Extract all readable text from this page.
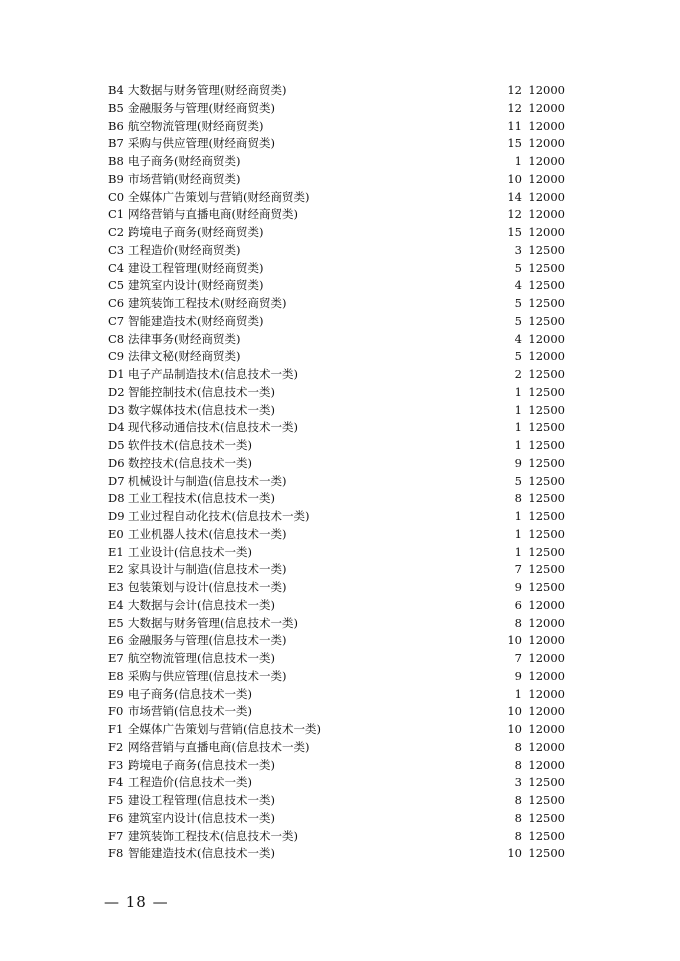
B4 大数据与财务管理(财经商贸类)	12 12000
B5 金融服务与管理(财经商贸类)	12 12000
B6 航空物流管理(财经商贸类)	11 12000
B7 采购与供应管理(财经商贸类)	15 12000
B8 电子商务(财经商贸类)	1 12000
B9 市场营销(财经商贸类)	10 12000
C0 全媒体广告策划与营销(财经商贸类)	14 12000
C1 网络营销与直播电商(财经商贸类)	12 12000
C2 跨境电子商务(财经商贸类)	15 12000
C3 工程造价(财经商贸类)	3 12500
C4 建设工程管理(财经商贸类)	5 12500
C5 建筑室内设计(财经商贸类)	4 12500
C6 建筑装饰工程技术(财经商贸类)	5 12500
C7 智能建造技术(财经商贸类)	5 12500
C8 法律事务(财经商贸类)	4 12000
C9 法律文秘(财经商贸类)	5 12000
D1 电子产品制造技术(信息技术一类)	2 12500
D2 智能控制技术(信息技术一类)	1 12500
D3 数字媒体技术(信息技术一类)	1 12500
D4 现代移动通信技术(信息技术一类)	1 12500
D5 软件技术(信息技术一类)	1 12500
D6 数控技术(信息技术一类)	9 12500
D7 机械设计与制造(信息技术一类)	5 12500
D8 工业工程技术(信息技术一类)	8 12500
D9 工业过程自动化技术(信息技术一类)	1 12500
E0 工业机器人技术(信息技术一类)	1 12500
E1 工业设计(信息技术一类)	1 12500
E2 家具设计与制造(信息技术一类)	7 12500
E3 包装策划与设计(信息技术一类)	9 12500
E4 大数据与会计(信息技术一类)	6 12000
E5 大数据与财务管理(信息技术一类)	8 12000
E6 金融服务与管理(信息技术一类)	10 12000
E7 航空物流管理(信息技术一类)	7 12000
E8 采购与供应管理(信息技术一类)	9 12000
E9 电子商务(信息技术一类)	1 12000
F0 市场营销(信息技术一类)	10 12000
F1 全媒体广告策划与营销(信息技术一类)	10 12000
F2 网络营销与直播电商(信息技术一类)	8 12000
F3 跨境电子商务(信息技术一类)	8 12000
F4 工程造价(信息技术一类)	3 12500
F5 建设工程管理(信息技术一类)	8 12500
F6 建筑室内设计(信息技术一类)	8 12500
F7 建筑装饰工程技术(信息技术一类)	8 12500
F8 智能建造技术(信息技术一类)	10 12500
— 18 —
